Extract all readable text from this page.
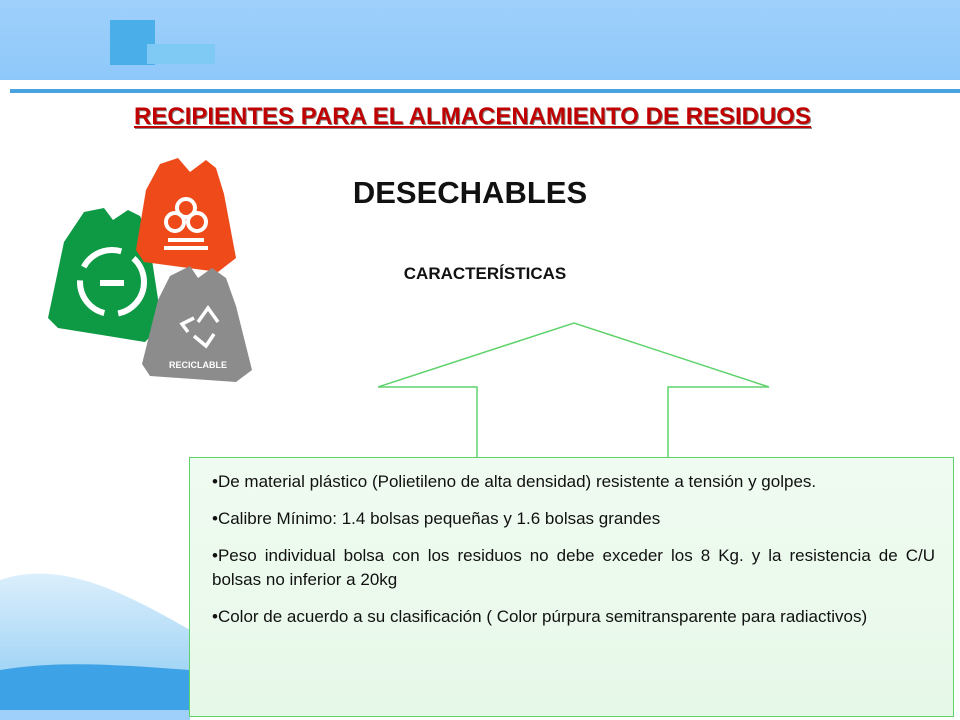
RECIPIENTES PARA EL ALMACENAMIENTO DE RESIDUOS
DESECHABLES
CARACTERÍSTICAS
RECICLABLE
• De material plástico (Polietileno de alta densidad) resistente a tensión y golpes.
• Calibre Mínimo: 1.4 bolsas pequeñas y 1.6 bolsas grandes
• Peso individual bolsa con los residuos no debe exceder los 8 Kg. y la resistencia de C/U bolsas no inferior a 20kg
• Color de acuerdo a su clasificación ( Color púrpura semitransparente para radiactivos)
